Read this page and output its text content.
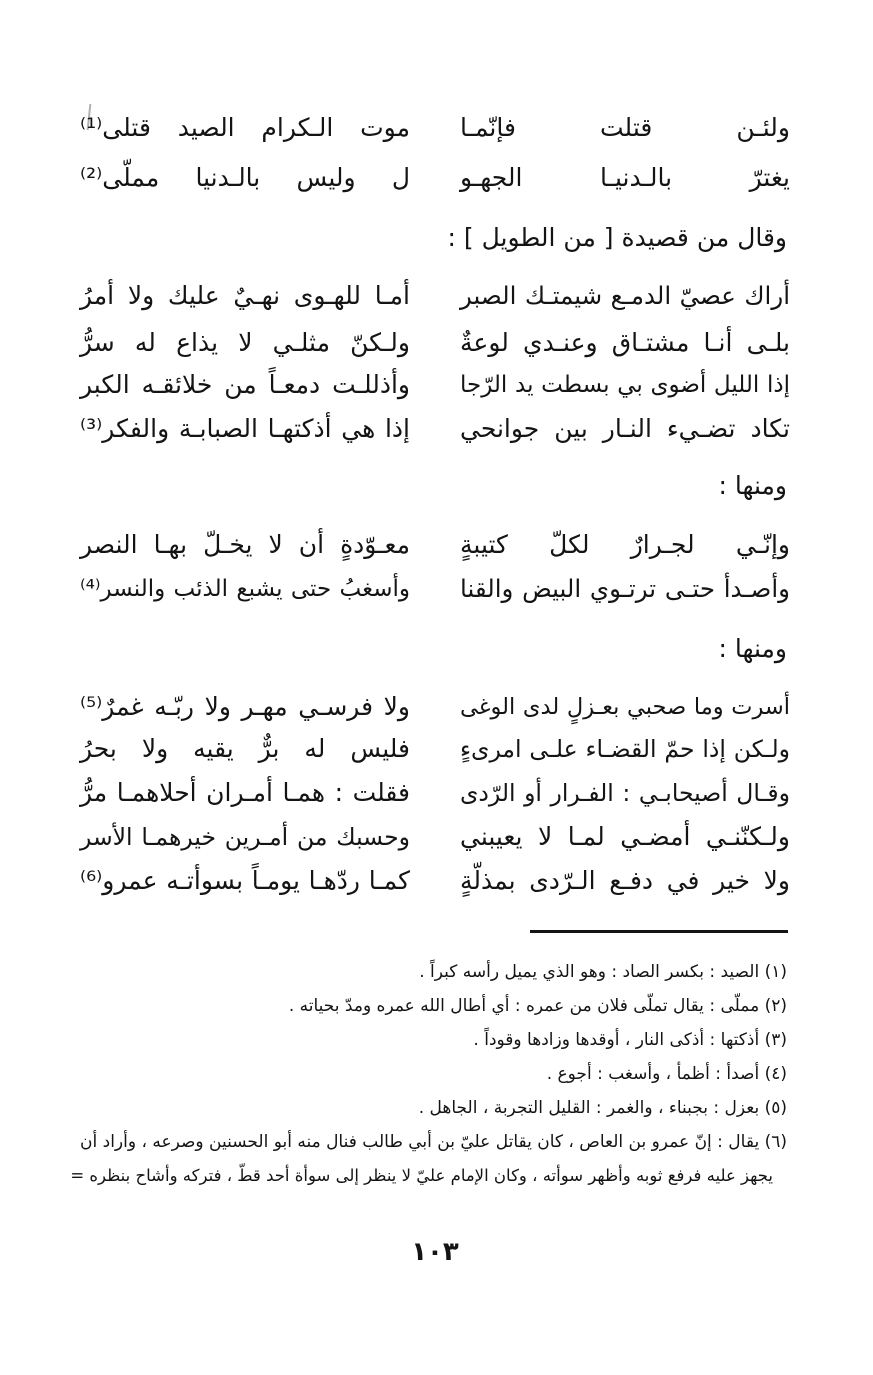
ولئـن قتلت فإنّمـا
موت الـكرام الصيد قتلى⁽¹⁾
يغترّ بالـدنيـا الجهـو
ل وليس بالـدنيا مملّى⁽²⁾
وقال من قصيدة [ من الطويل ] :
أراك عصيّ الدمـع شيمتـك الصبر
أمـا للهـوى نهـيٌ عليك ولا أمرُ
بلـى أنـا مشتـاق وعنـدي لوعةٌ
ولـكنّ مثلـي لا يذاع له سرُّ
إذا الليل أضوى بي بسطت يد الرّجا
وأذللـت دمعـاً من خلائقـه الكبر
تكاد تضـيء النـار بين جوانحي
إذا هي أذكتهـا الصبابـة والفكر⁽³⁾
ومنها :
وإنّـي لجـرارٌ لكلّ كتيبةٍ
معـوّدةٍ أن لا يخـلّ بهـا النصر
وأصـدأ حتـى ترتـوي البيض والقنا
وأسغبُ حتى يشبع الذئب والنسر⁽⁴⁾
ومنها :
أسرت وما صحبي بعـزلٍ لدى الوغى
ولا فرسـي مهـر ولا ربّـه غمرٌ⁽⁵⁾
ولـكن إذا حمّ القضـاء علـى امرىءٍ
فليس له برٌّ يقيه ولا بحرُ
وقـال أصيحابـي : الفـرار أو الرّدى
فقلت : همـا أمـران أحلاهمـا مرُّ
ولـكنّنـي أمضـي لمـا لا يعيبني
وحسبك من أمـرين خيرهمـا الأسر
ولا خير في دفـع الـرّدى بمذلّةٍ
كمـا ردّهـا يومـاً بسوأتـه عمرو⁽⁶⁾
(١) الصيد : بكسر الصاد : وهو الذي يميل رأسه كبراً .
(٢) مملّى : يقال تملّى فلان من عمره : أي أطال الله عمره ومدّ بحياته .
(٣) أذكتها : أذكى النار ، أوقدها وزادها وقوداً .
(٤) أصدأ : أظمأ ، وأسغب : أجوع .
(٥) بعزل : بجبناء ، والغمر : القليل التجربة ، الجاهل .
(٦) يقال : إنّ عمرو بن العاص ، كان يقاتل عليّ بن أبي طالب فنال منه أبو الحسنين وصرعه ، وأراد أن
يجهز عليه فرفع ثوبه وأظهر سوأته ، وكان الإمام عليّ لا ينظر إلى سوأة أحد قطّ ، فتركه وأشاح بنظره =
١٠٣
